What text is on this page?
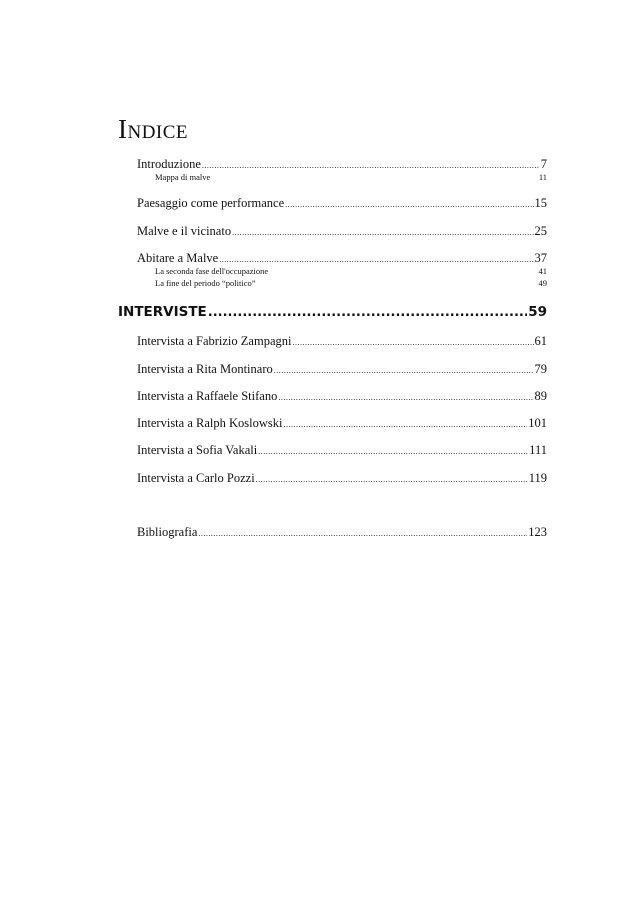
Indice
Introduzione .....	7
Mappa di malve	11
Paesaggio come performance .....	15
Malve e il vicinato .....	25
Abitare a Malve .....	37
La seconda fase dell'occupazione	41
La fine del periodo “politico”	49
INTERVISTE .....	59
Intervista a Fabrizio Zampagni .....	61
Intervista a Rita Montinaro .....	79
Intervista a Raffaele Stifano .....	89
Intervista a Ralph Koslowski .....	101
Intervista a Sofia Vakali .....	111
Intervista a Carlo Pozzi .....	119
Bibliografia .....	123
